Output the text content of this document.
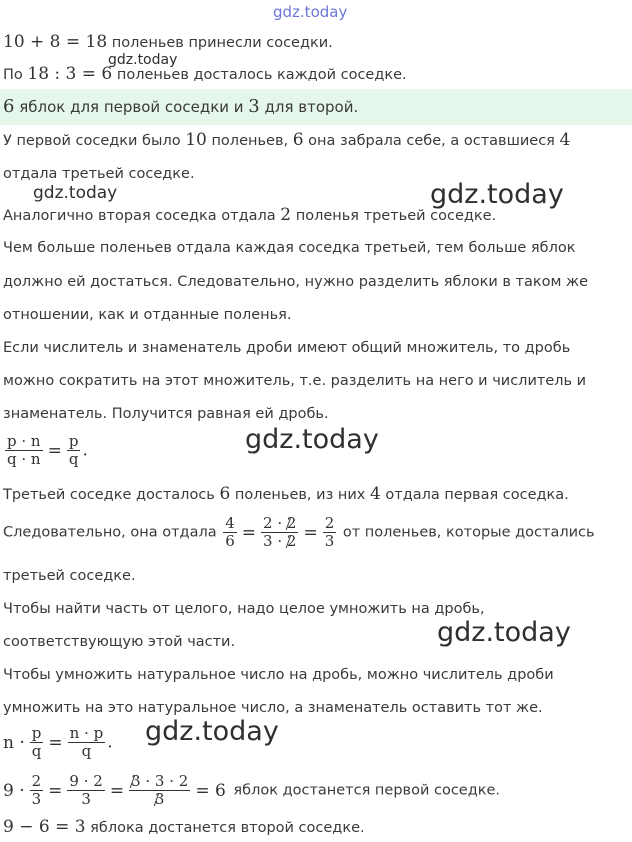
gdz.today
10 + 8 = 18 поленьев принесли соседки.
gdz.today
По 18 : 3 = 6 поленьев досталось каждой соседке.
6 яблок для первой соседки и 3 для второй.
У первой соседки было 10 поленьев, 6 она забрала себе, а оставшиеся 4
отдала третьей соседке.
gdz.today	gdz.today
Аналогично вторая соседка отдала 2 поленья третьей соседке.
Чем больше поленьев отдала каждая соседка третьей, тем больше яблок
должно ей достаться. Следовательно, нужно разделить яблоки в таком же
отношении, как и отданные поленья.
Если числитель и знаменатель дроби имеют общий множитель, то дробь
можно сократить на этот множитель, т.е. разделить на него и числитель и
знаменатель. Получится равная ей дробь.
gdz.today
$\frac{p \cdot n}{q \cdot n} = \frac{p}{q}$ .
Третьей соседке досталось 6 поленьев, из них 4 отдала первая соседка.
Следовательно, она отдала $\frac{4}{6} = \frac{2 \cdot 2}{3 \cdot 2} = \frac{2}{3}$ от поленьев, которые достались
третьей соседке.
Чтобы найти часть от целого, надо целое умножить на дробь,
gdz.today
соответствующую этой части.
Чтобы умножить натуральное число на дробь, можно числитель дроби
умножить на это натуральное число, а знаменатель оставить тот же.
gdz.today
$n \cdot \frac{p}{q} = \frac{n \cdot p}{q}$ .
$9 \cdot \frac{2}{3} = \frac{9 \cdot 2}{3} = \frac{3 \cdot 3 \cdot 2}{3} = 6$ яблок достанется первой соседке.
9 − 6 = 3 яблока достанется второй соседке.
